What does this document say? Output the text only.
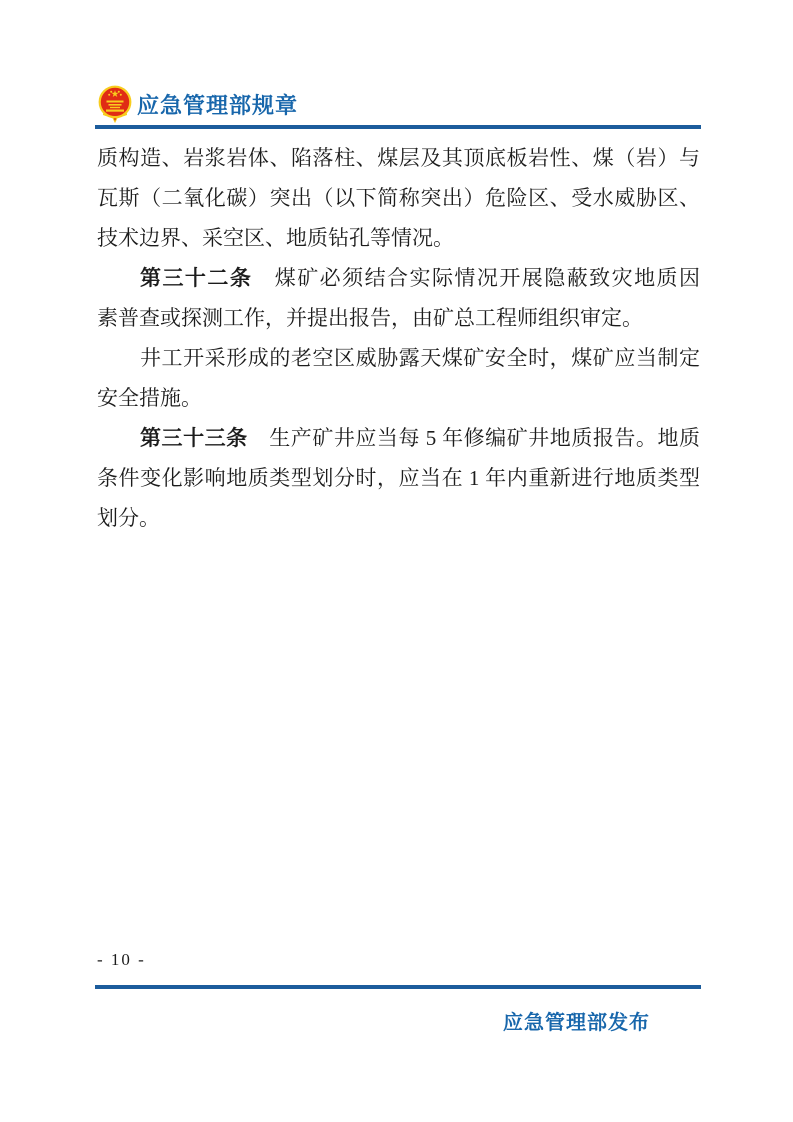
应急管理部规章
质构造、岩浆岩体、陷落柱、煤层及其顶底板岩性、煤（岩）与
瓦斯（二氧化碳）突出（以下简称突出）危险区、受水威胁区、
技术边界、采空区、地质钻孔等情况。
第三十二条　煤矿必须结合实际情况开展隐蔽致灾地质因
素普查或探测工作，并提出报告，由矿总工程师组织审定。
井工开采形成的老空区威胁露天煤矿安全时，煤矿应当制定
安全措施。
第三十三条　生产矿井应当每 5 年修编矿井地质报告。地质
条件变化影响地质类型划分时，应当在 1 年内重新进行地质类型
划分。
- 10 -
应急管理部发布
